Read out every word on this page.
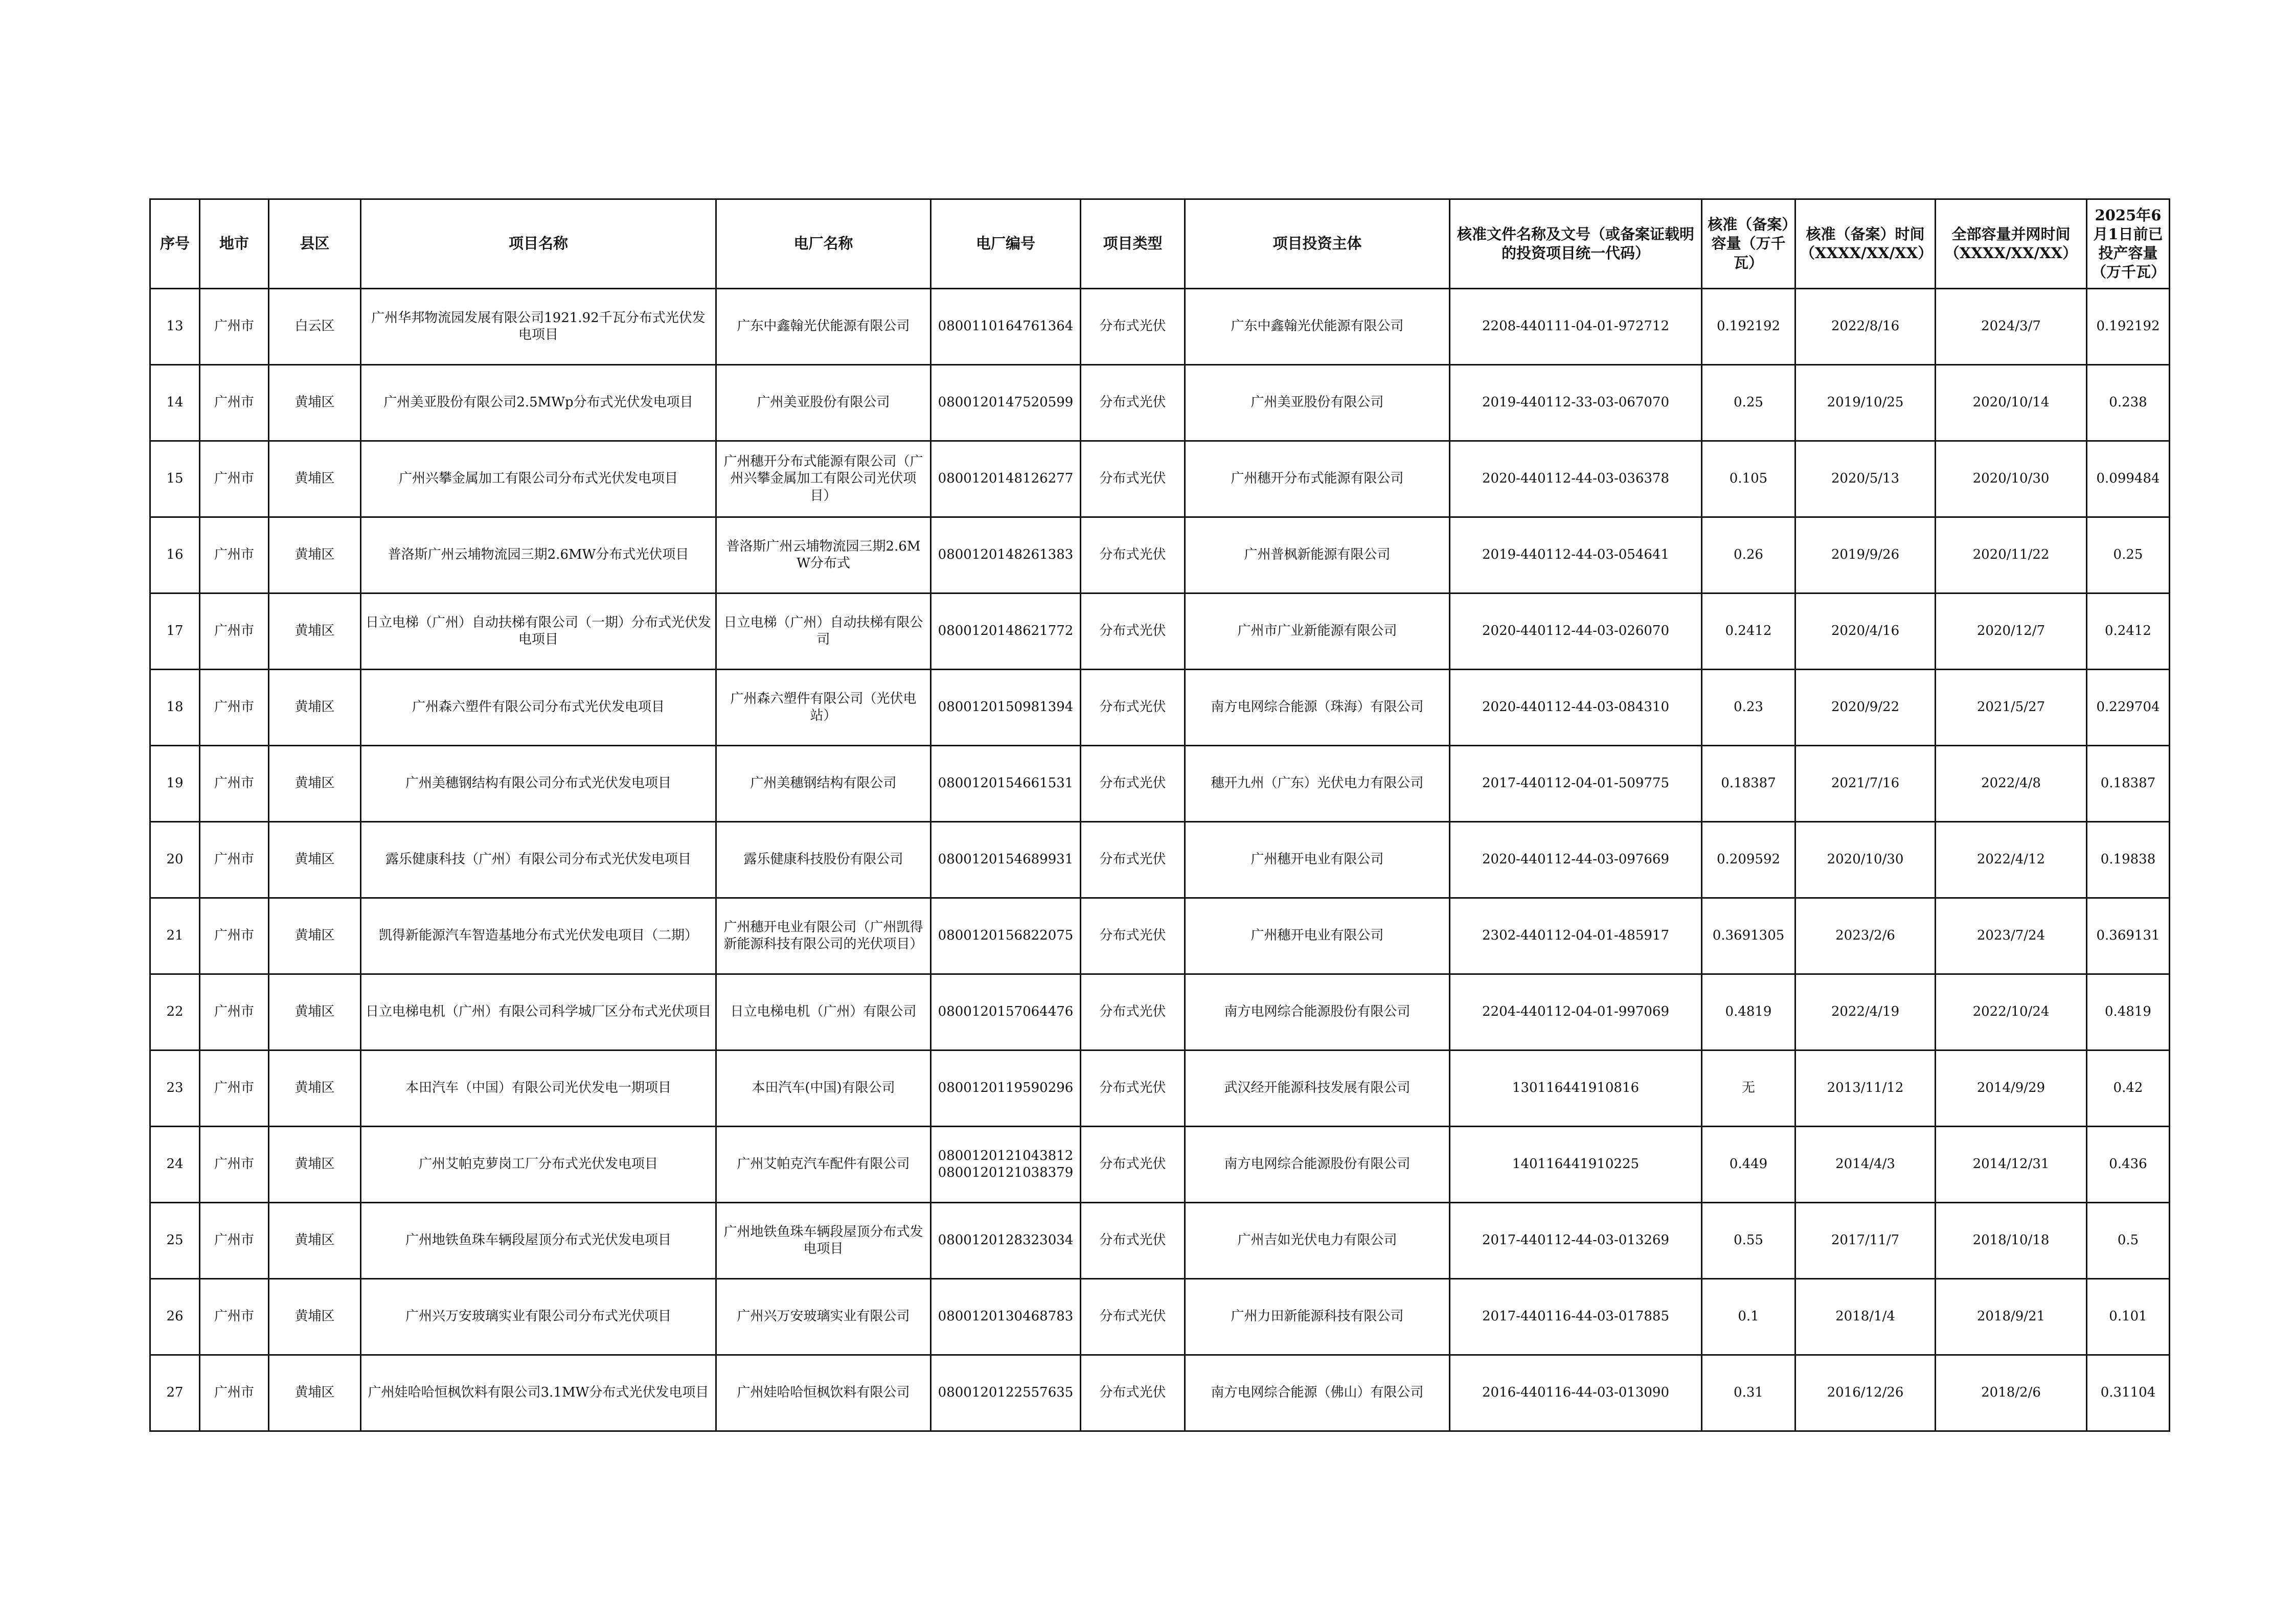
序号	地市	县区	项目名称	电厂名称	电厂编号	项目类型	项目投资主体	核准文件名称及文号（或备案证载明的投资项目统一代码）	核准（备案）容量（万千瓦）	核准（备案）时间（XXXX/XX/XX）	全部容量并网时间（XXXX/XX/XX）	2025年6月1日前已投产容量（万千瓦）
13	广州市	白云区	广州华邦物流园发展有限公司1921.92千瓦分布式光伏发电项目	广东中鑫翰光伏能源有限公司	0800110164761364	分布式光伏	广东中鑫翰光伏能源有限公司	2208-440111-04-01-972712	0.192192	2022/8/16	2024/3/7	0.192192
14	广州市	黄埔区	广州美亚股份有限公司2.5MWp分布式光伏发电项目	广州美亚股份有限公司	0800120147520599	分布式光伏	广州美亚股份有限公司	2019-440112-33-03-067070	0.25	2019/10/25	2020/10/14	0.238
15	广州市	黄埔区	广州兴攀金属加工有限公司分布式光伏发电项目	广州穗开分布式能源有限公司（广州兴攀金属加工有限公司光伏项目）	0800120148126277	分布式光伏	广州穗开分布式能源有限公司	2020-440112-44-03-036378	0.105	2020/5/13	2020/10/30	0.099484
16	广州市	黄埔区	普洛斯广州云埔物流园三期2.6MW分布式光伏项目	普洛斯广州云埔物流园三期2.6MW分布式	0800120148261383	分布式光伏	广州普枫新能源有限公司	2019-440112-44-03-054641	0.26	2019/9/26	2020/11/22	0.25
17	广州市	黄埔区	日立电梯（广州）自动扶梯有限公司（一期）分布式光伏发电项目	日立电梯（广州）自动扶梯有限公司	0800120148621772	分布式光伏	广州市广业新能源有限公司	2020-440112-44-03-026070	0.2412	2020/4/16	2020/12/7	0.2412
18	广州市	黄埔区	广州森六塑件有限公司分布式光伏发电项目	广州森六塑件有限公司（光伏电站）	0800120150981394	分布式光伏	南方电网综合能源（珠海）有限公司	2020-440112-44-03-084310	0.23	2020/9/22	2021/5/27	0.229704
19	广州市	黄埔区	广州美穗钢结构有限公司分布式光伏发电项目	广州美穗钢结构有限公司	0800120154661531	分布式光伏	穗开九州（广东）光伏电力有限公司	2017-440112-04-01-509775	0.18387	2021/7/16	2022/4/8	0.18387
20	广州市	黄埔区	露乐健康科技（广州）有限公司分布式光伏发电项目	露乐健康科技股份有限公司	0800120154689931	分布式光伏	广州穗开电业有限公司	2020-440112-44-03-097669	0.209592	2020/10/30	2022/4/12	0.19838
21	广州市	黄埔区	凯得新能源汽车智造基地分布式光伏发电项目（二期）	广州穗开电业有限公司（广州凯得新能源科技有限公司的光伏项目）	0800120156822075	分布式光伏	广州穗开电业有限公司	2302-440112-04-01-485917	0.3691305	2023/2/6	2023/7/24	0.369131
22	广州市	黄埔区	日立电梯电机（广州）有限公司科学城厂区分布式光伏项目	日立电梯电机（广州）有限公司	0800120157064476	分布式光伏	南方电网综合能源股份有限公司	2204-440112-04-01-997069	0.4819	2022/4/19	2022/10/24	0.4819
23	广州市	黄埔区	本田汽车（中国）有限公司光伏发电一期项目	本田汽车(中国)有限公司	0800120119590296	分布式光伏	武汉经开能源科技发展有限公司	130116441910816	无	2013/11/12	2014/9/29	0.42
24	广州市	黄埔区	广州艾帕克萝岗工厂分布式光伏发电项目	广州艾帕克汽车配件有限公司	0800120121043812 0800120121038379	分布式光伏	南方电网综合能源股份有限公司	140116441910225	0.449	2014/4/3	2014/12/31	0.436
25	广州市	黄埔区	广州地铁鱼珠车辆段屋顶分布式光伏发电项目	广州地铁鱼珠车辆段屋顶分布式发电项目	0800120128323034	分布式光伏	广州吉如光伏电力有限公司	2017-440112-44-03-013269	0.55	2017/11/7	2018/10/18	0.5
26	广州市	黄埔区	广州兴万安玻璃实业有限公司分布式光伏项目	广州兴万安玻璃实业有限公司	0800120130468783	分布式光伏	广州力田新能源科技有限公司	2017-440116-44-03-017885	0.1	2018/1/4	2018/9/21	0.101
27	广州市	黄埔区	广州娃哈哈恒枫饮料有限公司3.1MW分布式光伏发电项目	广州娃哈哈恒枫饮料有限公司	0800120122557635	分布式光伏	南方电网综合能源（佛山）有限公司	2016-440116-44-03-013090	0.31	2016/12/26	2018/2/6	0.31104
